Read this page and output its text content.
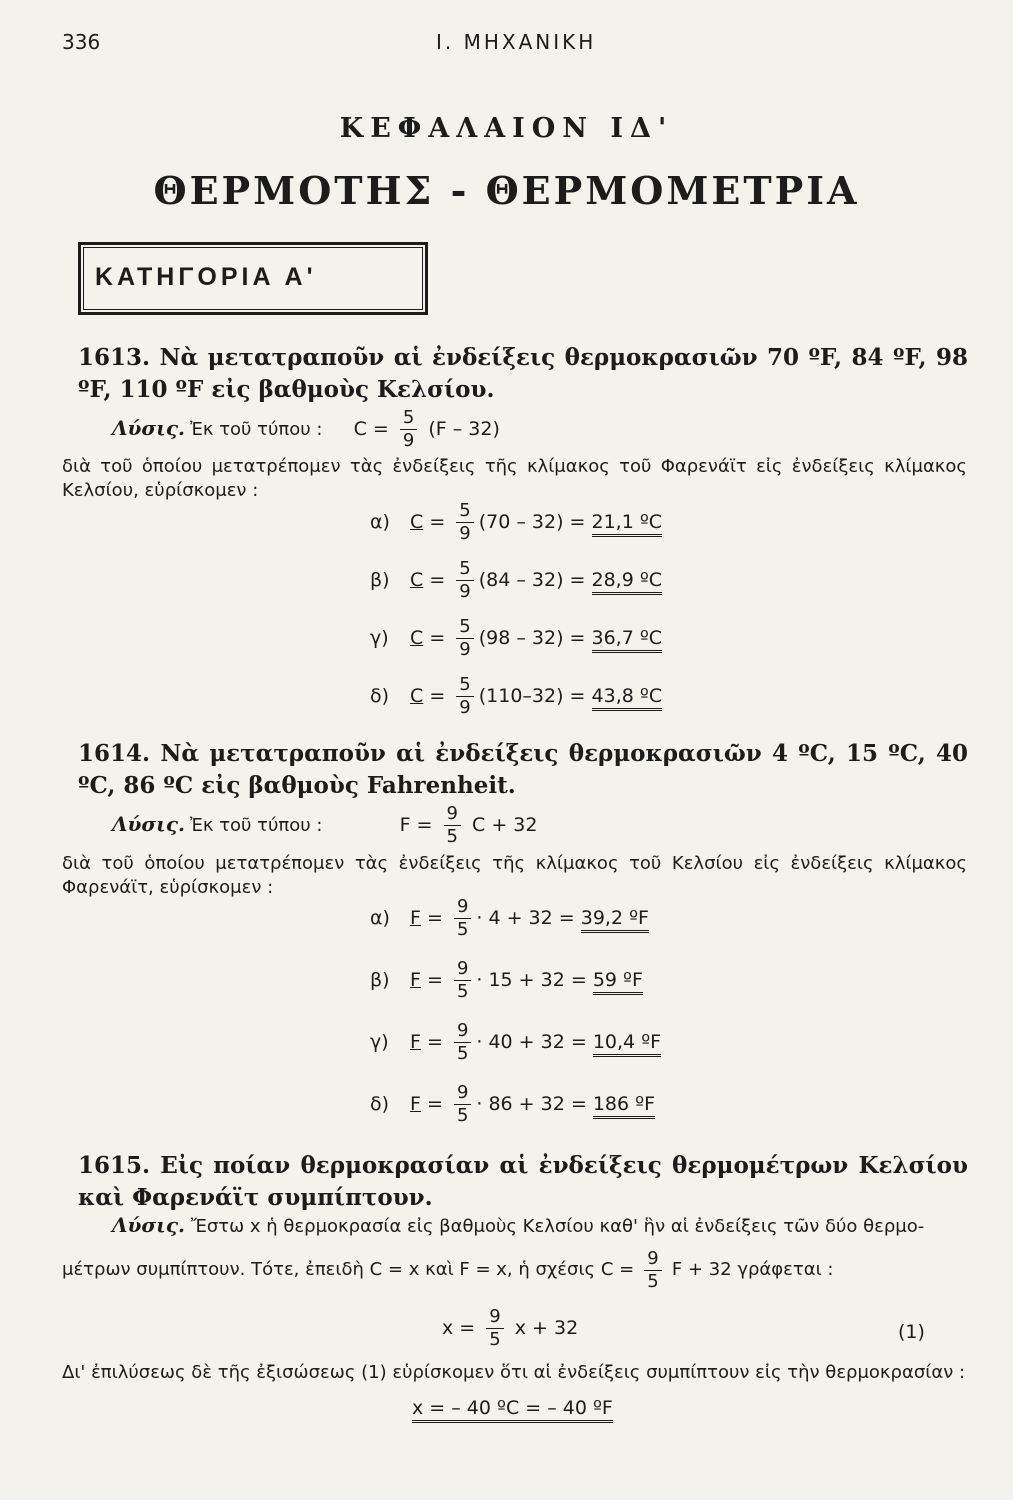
336	I. ΜΗΧΑΝΙΚΗ
ΚΕΦΑΛΑΙΟΝ ΙΔ'
ΘΕΡΜΟΤΗΣ - ΘΕΡΜΟΜΕΤΡΙΑ
ΚΑΤΗΓΟΡΙΑ Α'
1613. Νὰ μετατραποῦν αἱ ἐνδείξεις θερμοκρασιῶν 70 ºF, 84 ºF, 98 ºF, 110 ºF εἰς βαθμοὺς Κελσίου.
Λύσις. Ἐκ τοῦ τύπου : $C = \frac{5}{9} (F - 32)$
διὰ τοῦ ὁποίου μετατρέπομεν τὰς ἐνδείξεις τῆς κλίμακος τοῦ Φαρενάϊτ εἰς ἐνδείξεις κλίμακος Κελσίου, εὑρίσκομεν :
α) $C = \frac{5}{9} (70 - 32) = 21,1$ ºC
β) $C = \frac{5}{9} (84 - 32) = 28,9$ ºC
γ) $C = \frac{5}{9} (98 - 32) = 36,7$ ºC
δ) $C = \frac{5}{9} (110-32) = 43,8$ ºC
1614. Νὰ μετατραποῦν αἱ ἐνδείξεις θερμοκρασιῶν 4 ºC, 15 ºC, 40 ºC, 86 ºC εἰς βαθμοὺς Fahrenheit.
Λύσις. Ἐκ τοῦ τύπου :	$F = \frac{9}{5}$ C + 32
διὰ τοῦ ὁποίου μετατρέπομεν τὰς ἐνδείξεις τῆς κλίμακος τοῦ Κελσίου εἰς ἐνδείξεις κλίμακος Φαρενάϊτ, εὑρίσκομεν :
α) $F = \frac{9}{5} \cdot 4 + 32 = 39,2$ ºF
β) $F = \frac{9}{5} \cdot 15 + 32 = 59$ ºF
γ) $F = \frac{9}{5} \cdot 40 + 32 = 10,4$ ºF
δ) $F = \frac{9}{5} \cdot 86 + 32 = 186$ ºF
1615. Εἰς ποίαν θερμοκρασίαν αἱ ἐνδείξεις θερμομέτρων Κελσίου καὶ Φαρενάϊτ συμπίπτουν.
Λύσις. Ἔστω x ἡ θερμοκρασία εἰς βαθμοὺς Κελσίου καθ' ἣν αἱ ἐνδείξεις τῶν δύο θερμο-
μέτρων συμπίπτουν. Τότε, ἐπειδὴ C = x καὶ F = x, ἡ σχέσις $C = \frac{9}{5}$ F + 32 γράφεται :
$x = \frac{9}{5}$ x + 32	(1)
Δι' ἐπιλύσεως δὲ τῆς ἐξισώσεως (1) εὑρίσκομεν ὅτι αἱ ἐνδείξεις συμπίπτουν εἰς τὴν θερμοκρασίαν :
x = – 40 ºC = – 40 ºF
